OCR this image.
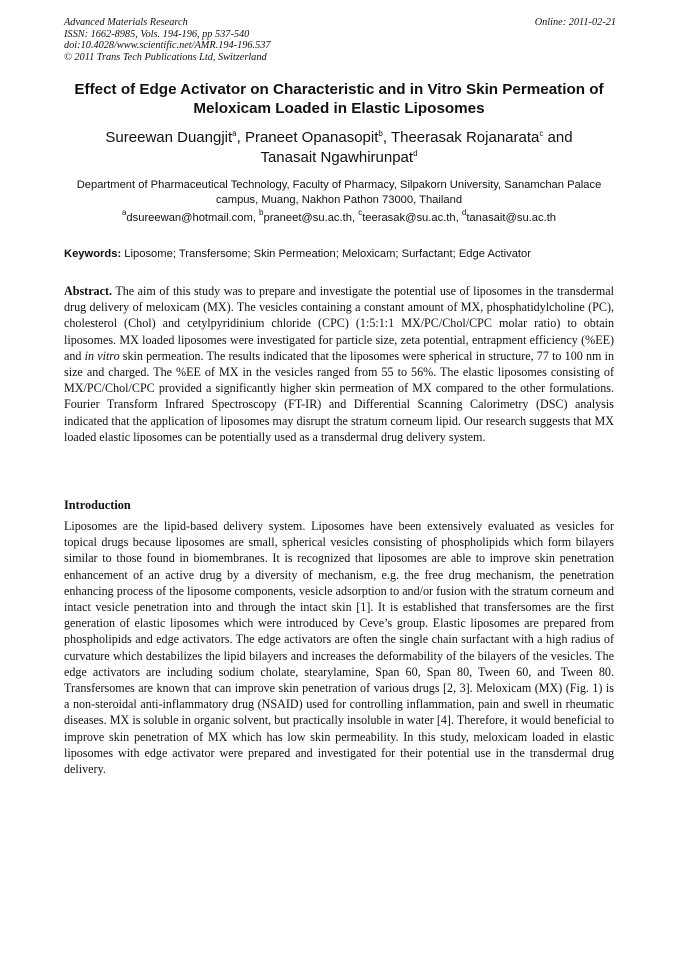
Advanced Materials Research
ISSN: 1662-8985, Vols. 194-196, pp 537-540
doi:10.4028/www.scientific.net/AMR.194-196.537
© 2011 Trans Tech Publications Ltd, Switzerland
Online: 2011-02-21
Effect of Edge Activator on Characteristic and in Vitro Skin Permeation of Meloxicam Loaded in Elastic Liposomes
Sureewan Duangjit$^a$, Praneet Opanasopit$^b$, Theerasak Rojanarata$^c$ and
Tanasait Ngawhirunpat$^d$
Department of Pharmaceutical Technology, Faculty of Pharmacy, Silpakorn University, Sanamchan Palace campus, Muang, Nakhon Pathon 73000, Thailand
$^a$dsureewan@hotmail.com, $^b$praneet@su.ac.th, $^c$teerasak@su.ac.th, $^d$tanasait@su.ac.th
Keywords: Liposome; Transfersome; Skin Permeation; Meloxicam; Surfactant; Edge Activator
Abstract. The aim of this study was to prepare and investigate the potential use of liposomes in the transdermal drug delivery of meloxicam (MX). The vesicles containing a constant amount of MX, phosphatidylcholine (PC), cholesterol (Chol) and cetylpyridinium chloride (CPC) (1:5:1:1 MX/PC/Chol/CPC molar ratio) to obtain liposomes. MX loaded liposomes were investigated for particle size, zeta potential, entrapment efficiency (%EE) and in vitro skin permeation. The results indicated that the liposomes were spherical in structure, 77 to 100 nm in size and charged. The %EE of MX in the vesicles ranged from 55 to 56%. The elastic liposomes consisting of MX/PC/Chol/CPC provided a significantly higher skin permeation of MX compared to the other formulations. Fourier Transform Infrared Spectroscopy (FT-IR) and Differential Scanning Calorimetry (DSC) analysis indicated that the application of liposomes may disrupt the stratum corneum lipid. Our research suggests that MX loaded elastic liposomes can be potentially used as a transdermal drug delivery system.
Introduction
Liposomes are the lipid-based delivery system. Liposomes have been extensively evaluated as vesicles for topical drugs because liposomes are small, spherical vesicles consisting of phospholipids which form bilayers similar to those found in biomembranes. It is recognized that liposomes are able to improve skin penetration enhancement of an active drug by a diversity of mechanism, e.g. the free drug mechanism, the penetration enhancing process of the liposome components, vesicle adsorption to and/or fusion with the stratum corneum and intact vesicle penetration into and through the intact skin [1]. It is established that transfersomes are the first generation of elastic liposomes which were introduced by Ceve’s group. Elastic liposomes are prepared from phospholipids and edge activators. The edge activators are often the single chain surfactant with a high radius of curvature which destabilizes the lipid bilayers and increases the deformability of the bilayers of the vesicles. The edge activators are including sodium cholate, stearylamine, Span 60, Span 80, Tween 60, and Tween 80. Transfersomes are known that can improve skin penetration of various drugs [2, 3]. Meloxicam (MX) (Fig. 1) is a non-steroidal anti-inflammatory drug (NSAID) used for controlling inflammation, pain and swell in rheumatic diseases. MX is soluble in organic solvent, but practically insoluble in water [4]. Therefore, it would beneficial to improve skin penetration of MX which has low skin permeability. In this study, meloxicam loaded in elastic liposomes with edge activator were prepared and investigated for their potential use in the transdermal drug delivery.
